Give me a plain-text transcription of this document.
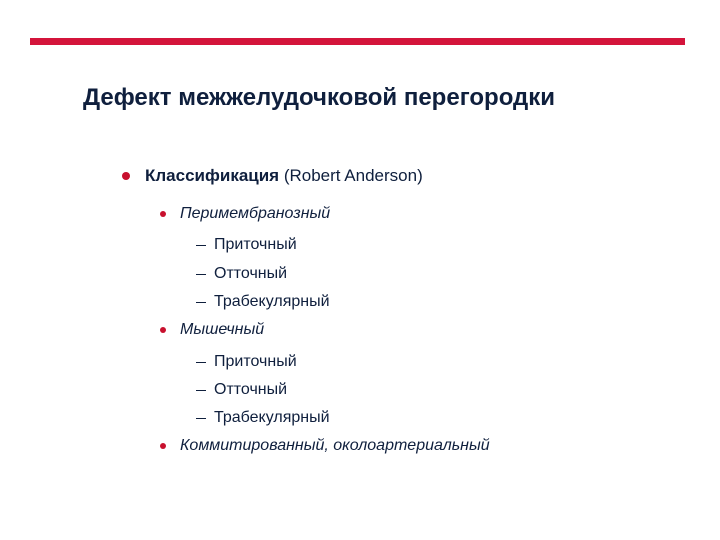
Дефект межжелудочковой перегородки
Классификация (Robert Anderson)
Перимембранозный
Приточный
Отточный
Трабекулярный
Мышечный
Приточный
Отточный
Трабекулярный
Коммитированный, околоартериальный
